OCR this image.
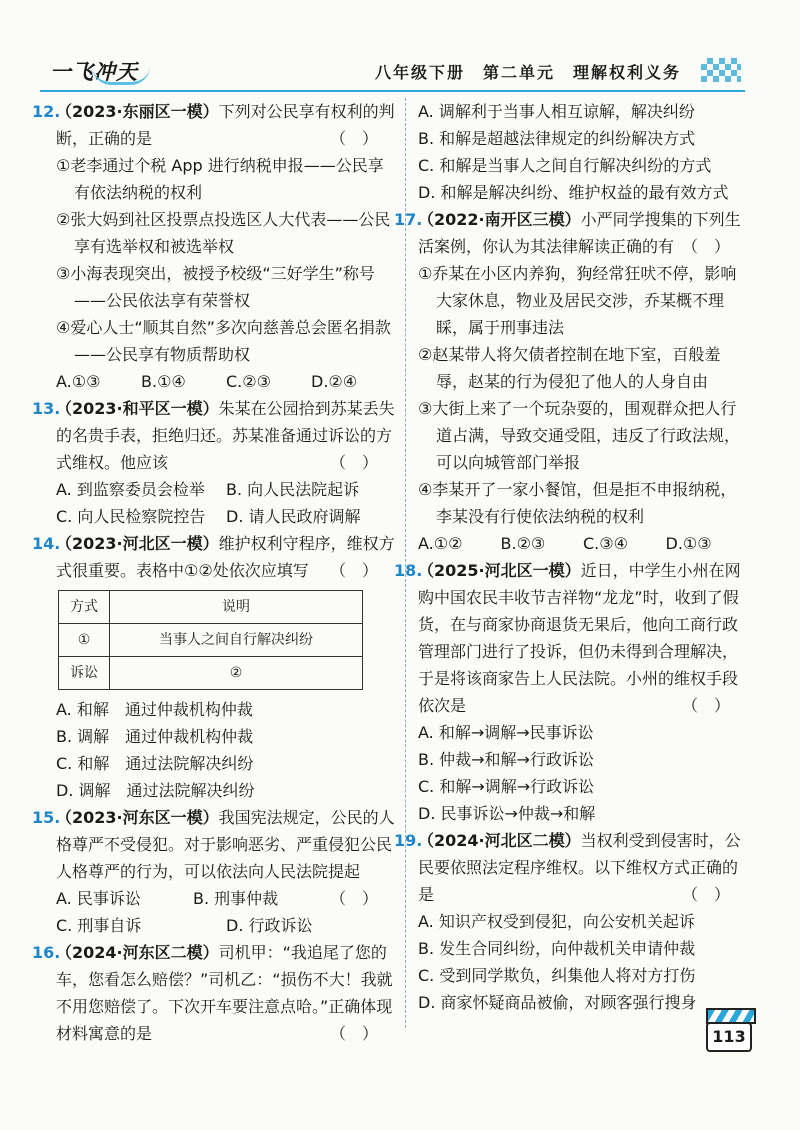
一飞冲天	八年级下册　第二单元　理解权利义务

12.（2023·东丽区一模）下列对公民享有权利的判断，正确的是	（　）

①老李通过个税 App 进行纳税申报——公民享有依法纳税的权利

②张大妈到社区投票点投选区人大代表——公民享有选举权和被选举权

③小海表现突出，被授予校级“三好学生”称号——公民依法享有荣誉权

④爱心人士“顺其自然”多次向慈善总会匿名捐款——公民享有物质帮助权

A.①③	B.①④	C.②③	D.②④

13.（2023·和平区一模）朱某在公园拾到苏某丢失的名贵手表，拒绝归还。苏某准备通过诉讼的方式维权。他应该	（　）

A. 到监察委员会检举	B. 向人民法院起诉
C. 向人民检察院控告	D. 请人民政府调解

14.（2023·河北区一模）维护权利守程序，维权方式很重要。表格中①②处依次应填写 （　）

方式	说明
①	当事人之间自行解决纠纷
诉讼	②

A. 和解　通过仲裁机构仲裁

B. 调解　通过仲裁机构仲裁

C. 和解　通过法院解决纠纷

D. 调解　通过法院解决纠纷

15.（2023·河东区一模）我国宪法规定，公民的人格尊严不受侵犯。对于影响恶劣、严重侵犯公民人格尊严的行为，可以依法向人民法院提起
（　）

A. 民事诉讼	B. 刑事仲裁
C. 刑事自诉	D. 行政诉讼

16.（2024·河东区二模）司机甲：“我追尾了您的车，您看怎么赔偿？”司机乙：“损伤不大！我就不用您赔偿了。下次开车要注意点哈。”正确体现材料寓意的是	（　）

A. 调解利于当事人相互谅解，解决纠纷

B. 和解是超越法律规定的纠纷解决方式

C. 和解是当事人之间自行解决纠纷的方式

D. 和解是解决纠纷、维护权益的最有效方式

17.（2022·南开区三模）小严同学搜集的下列生活案例，你认为其法律解读正确的有 （　）

①乔某在小区内养狗，狗经常狂吠不停，影响大家休息，物业及居民交涉，乔某概不理睬，属于刑事违法

②赵某带人将欠债者控制在地下室，百般羞辱，赵某的行为侵犯了他人的人身自由

③大街上来了一个玩杂耍的，围观群众把人行道占满，导致交通受阻，违反了行政法规，可以向城管部门举报

④李某开了一家小餐馆，但是拒不申报纳税，李某没有行使依法纳税的权利

A.①②	B.②③	C.③④	D.①③

18.（2025·河北区一模）近日，中学生小州在网购中国农民丰收节吉祥物“龙龙”时，收到了假货，在与商家协商退货无果后，他向工商行政管理部门进行了投诉，但仍未得到合理解决，于是将该商家告上人民法院。小州的维权手段依次是	（　）

A. 和解→调解→民事诉讼

B. 仲裁→和解→行政诉讼

C. 和解→调解→行政诉讼

D. 民事诉讼→仲裁→和解

19.（2024·河北区二模）当权利受到侵害时，公民要依照法定程序维权。以下维权方式正确的是	（　）

A. 知识产权受到侵犯，向公安机关起诉

B. 发生合同纠纷，向仲裁机关申请仲裁

C. 受到同学欺负，纠集他人将对方打伤

D. 商家怀疑商品被偷，对顾客强行搜身

113
